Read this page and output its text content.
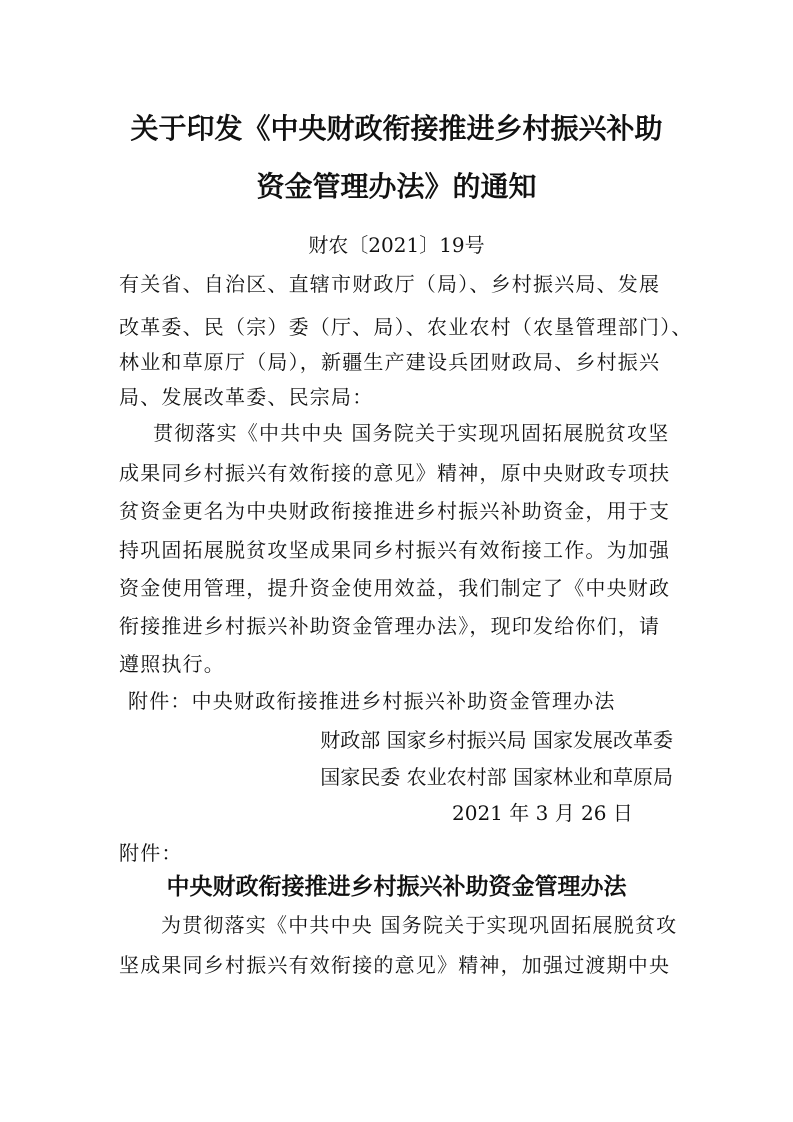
关于印发《中央财政衔接推进乡村振兴补助
资金管理办法》的通知

财农〔2021〕19号

有关省、自治区、直辖市财政厅（局）、乡村振兴局、发展

改革委、民（宗）委（厅、局）、农业农村（农垦管理部门）、

林业和草原厅（局），新疆生产建设兵团财政局、乡村振兴

局、发展改革委、民宗局：

贯彻落实《中共中央 国务院关于实现巩固拓展脱贫攻坚

成果同乡村振兴有效衔接的意见》精神，原中央财政专项扶

贫资金更名为中央财政衔接推进乡村振兴补助资金，用于支

持巩固拓展脱贫攻坚成果同乡村振兴有效衔接工作。为加强

资金使用管理，提升资金使用效益，我们制定了《中央财政

衔接推进乡村振兴补助资金管理办法》，现印发给你们，请

遵照执行。

附件：中央财政衔接推进乡村振兴补助资金管理办法

财政部 国家乡村振兴局 国家发展改革委

国家民委 农业农村部 国家林业和草原局

2021 年 3 月 26 日

附件：

中央财政衔接推进乡村振兴补助资金管理办法

为贯彻落实《中共中央 国务院关于实现巩固拓展脱贫攻

坚成果同乡村振兴有效衔接的意见》精神，加强过渡期中央
